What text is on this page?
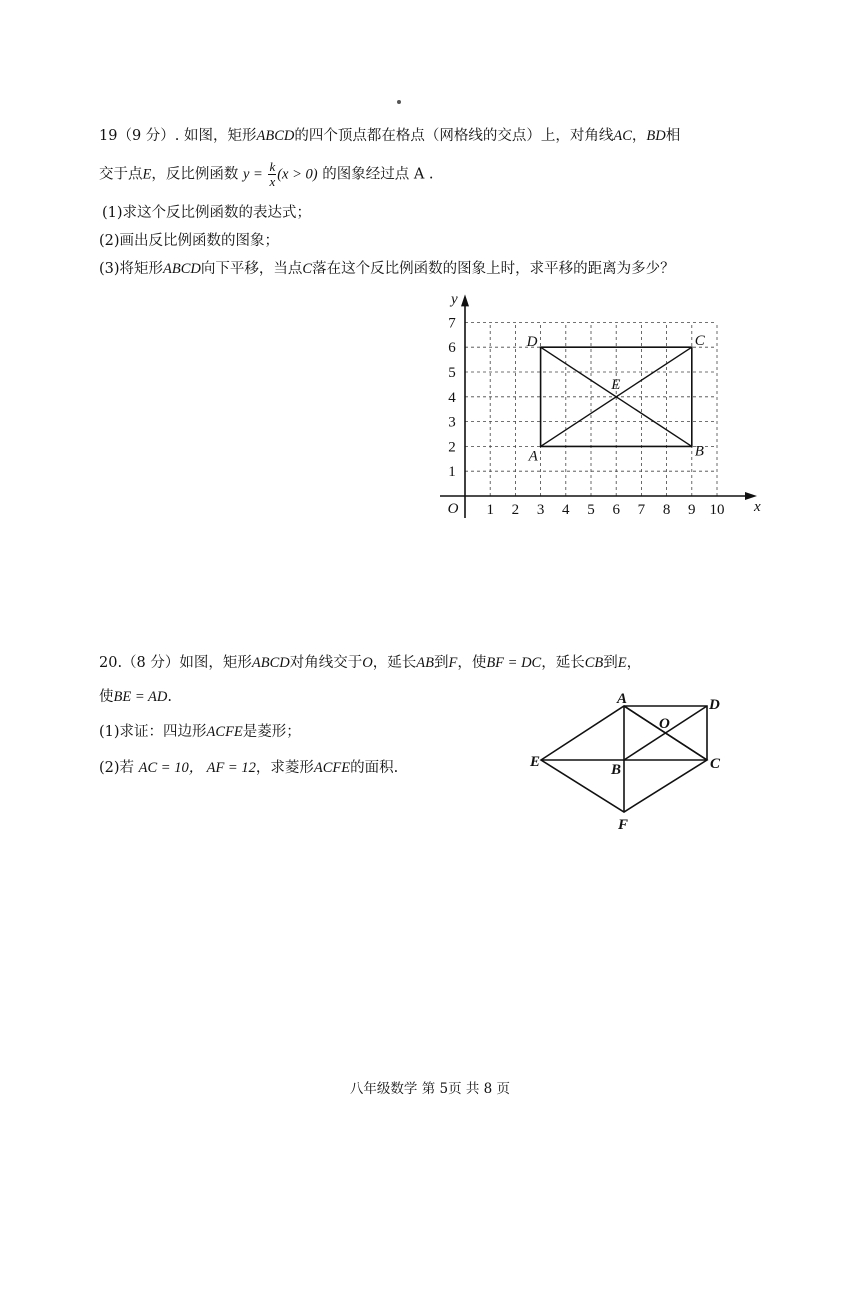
19（9 分）. 如图，矩形ABCD的四个顶点都在格点（网格线的交点）上，对角线AC，BD相
交于点E，反比例函数 $y = \frac{k}{x} (x > 0)$ 的图象经过点 A .
(1)求这个反比例函数的表达式；
(2)画出反比例函数的图象；
(3)将矩形ABCD向下平移，当点C落在这个反比例函数的图象上时，求平移的距离为多少？
1 2 3 4 5 6 7 8 9 10
1
2
3
4
5
6
7
O	x
y
A	B
C
D
E
20.（8 分）如图，矩形ABCD对角线交于O，延长AB到F，使BF = DC，延长CB到E，
使BE = AD.
(1)求证：四边形ACFE是菱形；
(2)若 AC = 10， AF = 12，求菱形ACFE的面积.
A	D
O
E	B	C
F
八年级数学 第 5页 共 8 页
